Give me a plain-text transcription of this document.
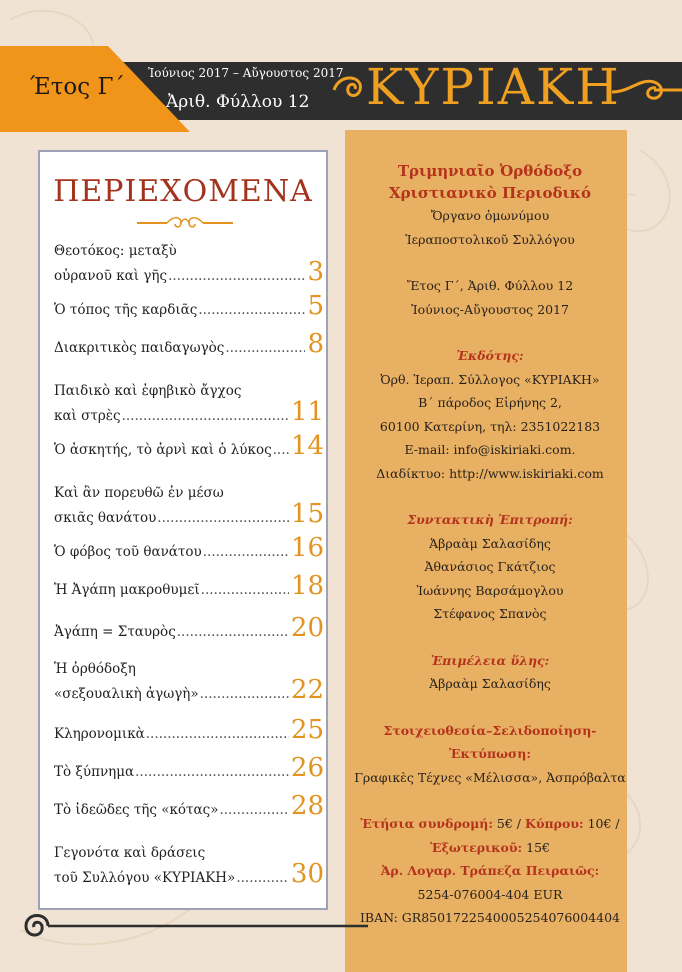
Έτος Γ΄
Ἰούνιος 2017 – Αὔγουστος 2017
Ἀριθ. Φύλλου 12 ΚΥΡΙΑΚΗ
Τριμηνιαῖο Ὀρθόδοξο
Χριστιανικὸ Περιοδικό
Ὄργανο ὁμωνύμου
Ἱεραποστολικοῦ Συλλόγου
Ἔτος Γ΄, Ἀριθ. Φύλλου 12
Ἰούνιος-Αὔγουστος 2017
Ἐκδότης:
Ὀρθ. Ἱεραπ. Σύλλογος «ΚΥΡΙΑΚΗ»
Β΄ πάροδος Εἰρήνης 2,
60100 Κατερίνη, τηλ: 2351022183
E-mail: info@iskiriaki.com.
Διαδίκτυο: http://www.iskiriaki.com
Συντακτικὴ Ἐπιτροπή:
Ἀβραὰμ Σαλασίδης
Ἀθανάσιος Γκάτζιος
Ἰωάννης Βαρσάμογλου
Στέφανος Σπανὸς
Ἐπιμέλεια ὕλης:
Ἀβραὰμ Σαλασίδης
Στοιχειοθεσία–Σελιδοποίηση-Ἐκτύπωση:
Γραφικὲς Τέχνες «Μέλισσα», Ἀσπρόβαλτα
Ἐτήσια συνδρομή: 5€ / Κύπρου: 10€ /
Ἐξωτερικοῦ: 15€
Ἀρ. Λογαρ. Τράπεζα Πειραιῶς:
5254-076004-404 EUR
IBAN: GR8501722540005254076004404
ΠΕΡΙΕΧΟΜΕΝΑ
Θεοτόκος: μεταξὺ
οὐρανοῦ καὶ γῆς .....	3
Ὁ τόπος τῆς καρδιᾶς .....	5
Διακριτικὸς παιδαγωγὸς .....	8
Παιδικὸ καὶ ἐφηβικὸ ἄγχος
καὶ στρὲς .....	11
Ὁ ἀσκητής, τὸ ἀρνὶ καὶ ὁ λύκος ..... 14
Καὶ ἂν πορευθῶ ἐν μέσω
σκιᾶς θανάτου .....	15
Ὁ φόβος τοῦ θανάτου .....	16
Ἡ Ἀγάπη μακροθυμεῖ .....	18
Ἀγάπη = Σταυρὸς .....	20
Ἡ ὀρθόδοξη
«σεξουαλικὴ ἀγωγὴ» .....	22
Κληρονομικὰ .....	25
Τὸ ξύπνημα .....	26
Τὸ ἰδεῶδες τῆς «κότας» .....	28
Γεγονότα καὶ δράσεις
τοῦ Συλλόγου «ΚΥΡΙΑΚΗ» ..... 30
